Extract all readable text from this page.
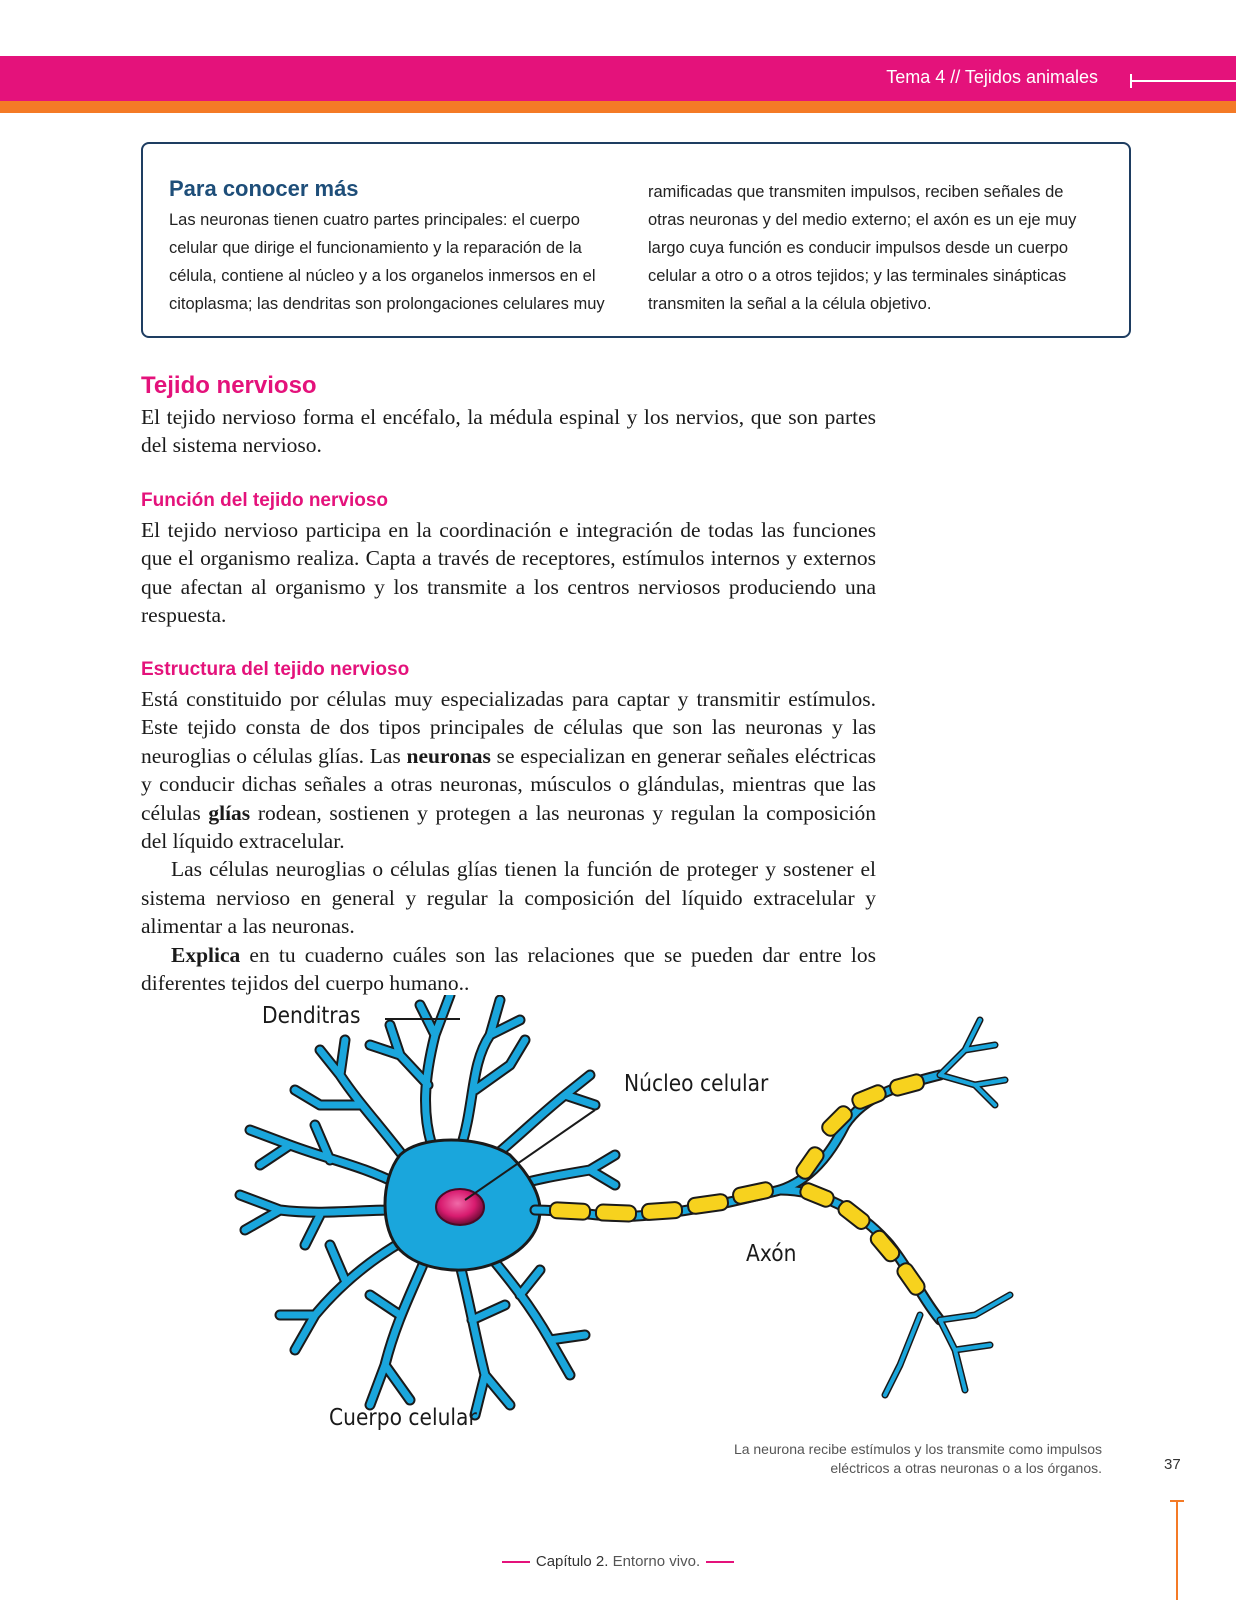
Tema 4 // Tejidos animales
Para conocer más
Las neuronas tienen cuatro partes principales: el cuerpo celular que dirige el funcionamiento y la reparación de la célula, contiene al núcleo y a los organelos inmersos en el citoplasma; las dendritas son prolongaciones celulares muy
ramificadas que transmiten impulsos, reciben señales de otras neuronas y del medio externo; el axón es un eje muy largo cuya función es conducir impulsos desde un cuerpo celular a otro o a otros tejidos; y las terminales sinápticas transmiten la señal a la célula objetivo.
Tejido nervioso
El tejido nervioso forma el encéfalo, la médula espinal y los nervios, que son partes del sistema nervioso.
Función del tejido nervioso
El tejido nervioso participa en la coordinación e integración de todas las funciones que el organismo realiza. Capta a través de receptores, estímulos internos y externos que afectan al organismo y los transmite a los centros nerviosos produciendo una respuesta.
Estructura del tejido nervioso

Está constituido por células muy especializadas para captar y transmitir estímulos. Este tejido consta de dos tipos principales de células que son las neuronas y las neuroglias o células glías. Las neuronas se especializan en generar señales eléctricas y conducir dichas señales a otras neuronas, músculos o glándulas, mientras que las células glías rodean, sostienen y protegen a las neuronas y regulan la composición del líquido extracelular.

Las células neuroglias o células glías tienen la función de proteger y sostener el sistema nervioso en general y regular la composición del líquido extracelular y alimentar a las neuronas.

Explica en tu cuaderno cuáles son las relaciones que se pueden dar entre los diferentes tejidos del cuerpo humano..

Denditras
Núcleo celular
Axón
Cuerpo celular
La neurona recibe estímulos y los transmite como impulsos eléctricos a otras neuronas o a los órganos.	37
Capítulo 2. Entorno vivo.
